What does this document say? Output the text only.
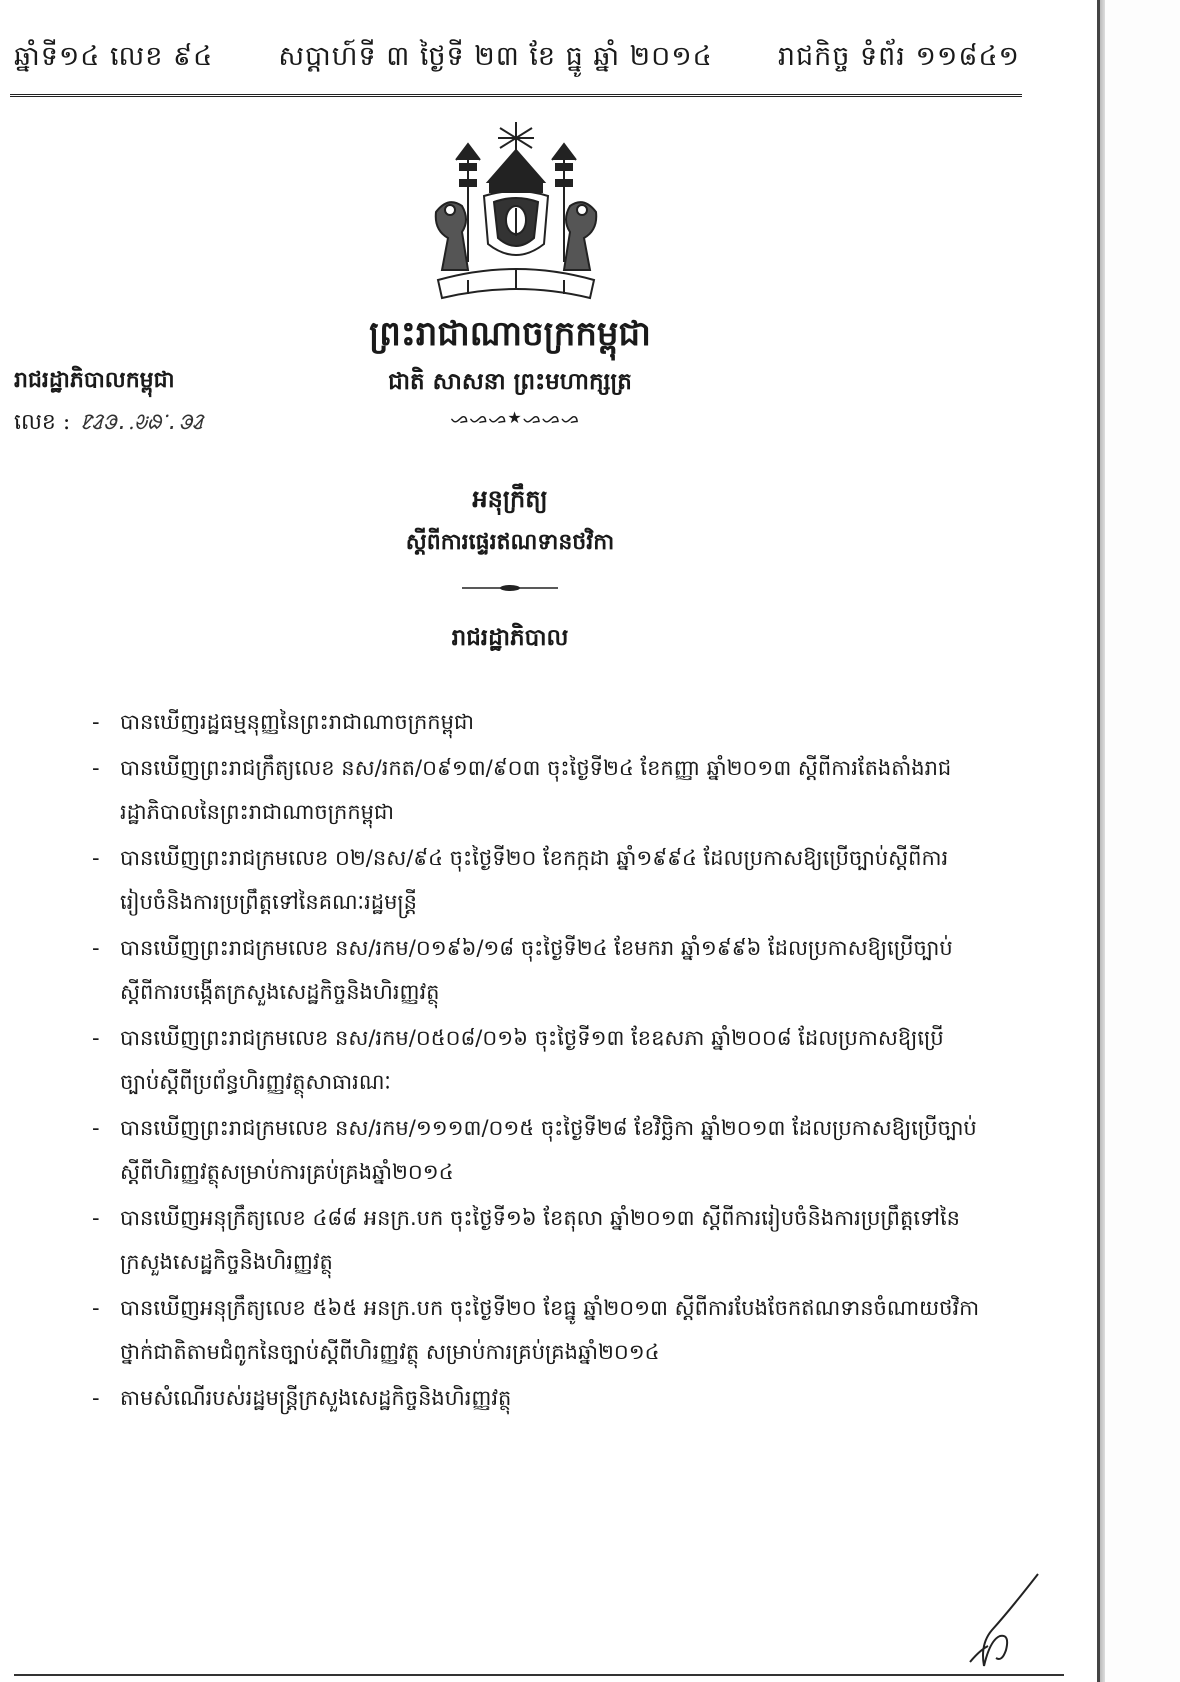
ឆ្នាំទី១៤ លេខ ៩៤ សប្តាហ៍ទី ៣ ថ្ងៃទី ២៣ ខែ ធ្នូ ឆ្នាំ ២០១៤ រាជកិច្ច ទំព័រ ១១៨៤១
ព្រះរាជាណាចក្រកម្ពុជា
ជាតិ សាសនា ព្រះមហាក្សត្រ
ᯀᯀᯀ★ᯀᯀᯀ
រាជរដ្ឋាភិបាលកម្ពុជា
លេខ : ᱱᱲᱳ.ᱹᱶᱷᱸ.ᱳᱲ
អនុក្រឹត្យ
ស្តីពីការផ្ទេរឥណទានថវិកា
រាជរដ្ឋាភិបាល
- បានឃើញរដ្ឋធម្មនុញ្ញនៃព្រះរាជាណាចក្រកម្ពុជា
- បានឃើញព្រះរាជក្រឹត្យលេខ នស/រកត/០៩១៣/៩០៣ ចុះថ្ងៃទី២៤ ខែកញ្ញា ឆ្នាំ២០១៣ ស្តីពីការតែងតាំងរាជរដ្ឋាភិបាលនៃព្រះរាជាណាចក្រកម្ពុជា
- បានឃើញព្រះរាជក្រមលេខ ០២/នស/៩៤ ចុះថ្ងៃទី២០ ខែកក្កដា ឆ្នាំ១៩៩៤ ដែលប្រកាសឱ្យប្រើច្បាប់ស្តីពីការរៀបចំនិងការប្រព្រឹត្តទៅនៃគណៈរដ្ឋមន្ត្រី
- បានឃើញព្រះរាជក្រមលេខ នស/រកម/០១៩៦/១៨ ចុះថ្ងៃទី២៤ ខែមករា ឆ្នាំ១៩៩៦ ដែលប្រកាសឱ្យប្រើច្បាប់ស្តីពីការបង្កើតក្រសួងសេដ្ឋកិច្ចនិងហិរញ្ញវត្ថុ
- បានឃើញព្រះរាជក្រមលេខ នស/រកម/០៥០៨/០១៦ ចុះថ្ងៃទី១៣ ខែឧសភា ឆ្នាំ២០០៨ ដែលប្រកាសឱ្យប្រើច្បាប់ស្តីពីប្រព័ន្ធហិរញ្ញវត្ថុសាធារណៈ
- បានឃើញព្រះរាជក្រមលេខ នស/រកម/១១១៣/០១៥ ចុះថ្ងៃទី២៨ ខែវិច្ឆិកា ឆ្នាំ២០១៣ ដែលប្រកាសឱ្យប្រើច្បាប់ស្តីពីហិរញ្ញវត្ថុសម្រាប់ការគ្រប់គ្រងឆ្នាំ២០១៤
- បានឃើញអនុក្រឹត្យលេខ ៤៨៨ អនក្រ.បក ចុះថ្ងៃទី១៦ ខែតុលា ឆ្នាំ២០១៣ ស្តីពីការរៀបចំនិងការប្រព្រឹត្តទៅនៃក្រសួងសេដ្ឋកិច្ចនិងហិរញ្ញវត្ថុ
- បានឃើញអនុក្រឹត្យលេខ ៥៦៥ អនក្រ.បក ចុះថ្ងៃទី២០ ខែធ្នូ ឆ្នាំ២០១៣ ស្តីពីការបែងចែកឥណទានចំណាយថវិកាថ្នាក់ជាតិតាមជំពូកនៃច្បាប់ស្តីពីហិរញ្ញវត្ថុ សម្រាប់ការគ្រប់គ្រងឆ្នាំ២០១៤
- តាមសំណើរបស់រដ្ឋមន្ត្រីក្រសួងសេដ្ឋកិច្ចនិងហិរញ្ញវត្ថុ
